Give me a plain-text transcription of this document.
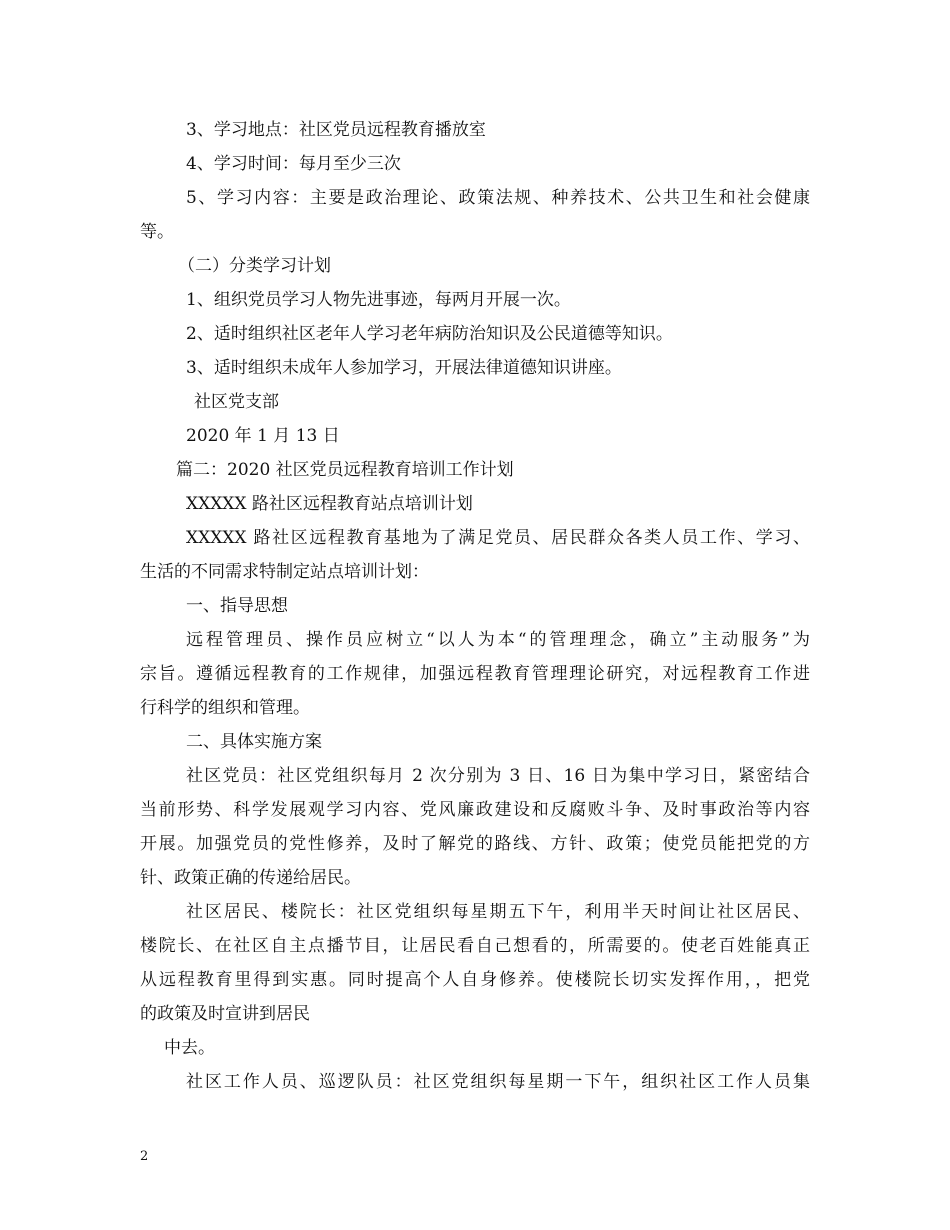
3、学习地点：社区党员远程教育播放室
4、学习时间：每月至少三次
5、学习内容：主要是政治理论、政策法规、种养技术、公共卫生和社会健康
等。
（二）分类学习计划
1、组织党员学习人物先进事迹，每两月开展一次。
2、适时组织社区老年人学习老年病防治知识及公民道德等知识。
3、适时组织未成年人参加学习，开展法律道德知识讲座。
社区党支部
2020 年 1 月 13 日
篇二：2020 社区党员远程教育培训工作计划
XXXXX 路社区远程教育站点培训计划
XXXXX 路社区远程教育基地为了满足党员、居民群众各类人员工作、学习、
生活的不同需求特制定站点培训计划：
一、指导思想
远程管理员、操作员应树立“以人为本“的管理理念，确立”主动服务”为
宗旨。遵循远程教育的工作规律，加强远程教育管理理论研究，对远程教育工作进
行科学的组织和管理。
二、具体实施方案
社区党员：社区党组织每月 2 次分别为 3 日、16 日为集中学习日，紧密结合
当前形势、科学发展观学习内容、党风廉政建设和反腐败斗争、及时事政治等内容
开展。加强党员的党性修养，及时了解党的路线、方针、政策；使党员能把党的方
针、政策正确的传递给居民。
社区居民、楼院长：社区党组织每星期五下午，利用半天时间让社区居民、
楼院长、在社区自主点播节目，让居民看自己想看的，所需要的。使老百姓能真正
从远程教育里得到实惠。同时提高个人自身修养。使楼院长切实发挥作用，，把党
的政策及时宣讲到居民
中去。
社区工作人员、巡逻队员：社区党组织每星期一下午，组织社区工作人员集
2
